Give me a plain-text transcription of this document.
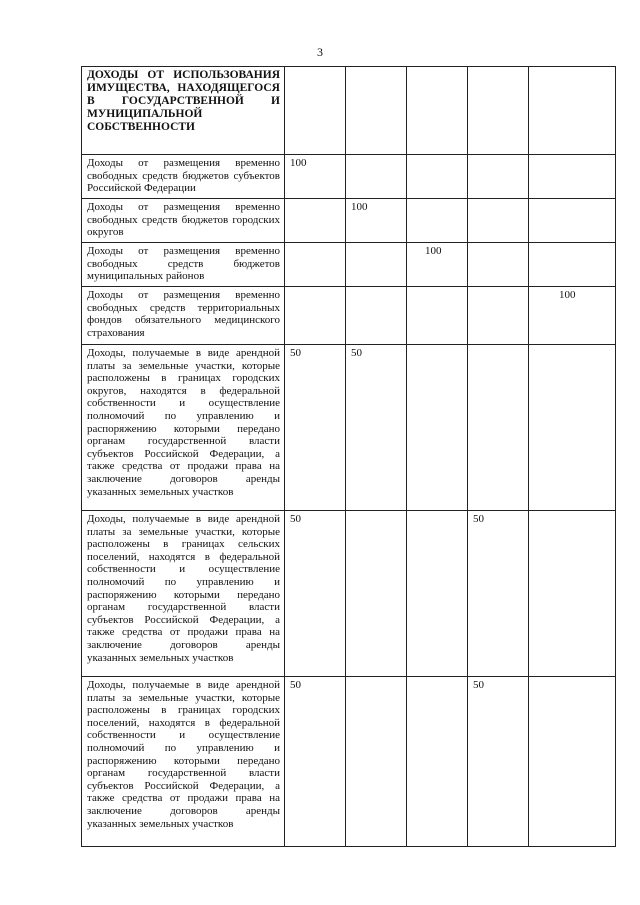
3
ДОХОДЫ ОТ ИСПОЛЬЗОВАНИЯ ИМУЩЕСТВА, НАХОДЯЩЕГОСЯ В ГОСУДАРСТВЕННОЙ И МУНИЦИПАЛЬНОЙ СОБСТВЕННОСТИ					
Доходы от размещения временно свободных средств бюджетов субъектов Российской Федерации	100				
Доходы от размещения временно свободных средств бюджетов городских округов		100			
Доходы от размещения временно свободных средств бюджетов муниципальных районов			100		
Доходы от размещения временно свободных средств территориальных фондов обязательного медицинского страхования					100
Доходы, получаемые в виде арендной платы за земельные участки, которые расположены в границах городских округов, находятся в федеральной собственности и осуществление полномочий по управлению и распоряжению которыми передано органам государственной власти субъектов Российской Федерации, а также средства от продажи права на заключение договоров аренды указанных земельных участков	50	50			
Доходы, получаемые в виде арендной платы за земельные участки, которые расположены в границах сельских поселений, находятся в федеральной собственности и осуществление полномочий по управлению и распоряжению которыми передано органам государственной власти субъектов Российской Федерации, а также средства от продажи права на заключение договоров аренды указанных земельных участков	50			50	
Доходы, получаемые в виде арендной платы за земельные участки, которые расположены в границах городских поселений, находятся в федеральной собственности и осуществление полномочий по управлению и распоряжению которыми передано органам государственной власти субъектов Российской Федерации, а также средства от продажи права на заключение договоров аренды указанных земельных участков	50			50	
